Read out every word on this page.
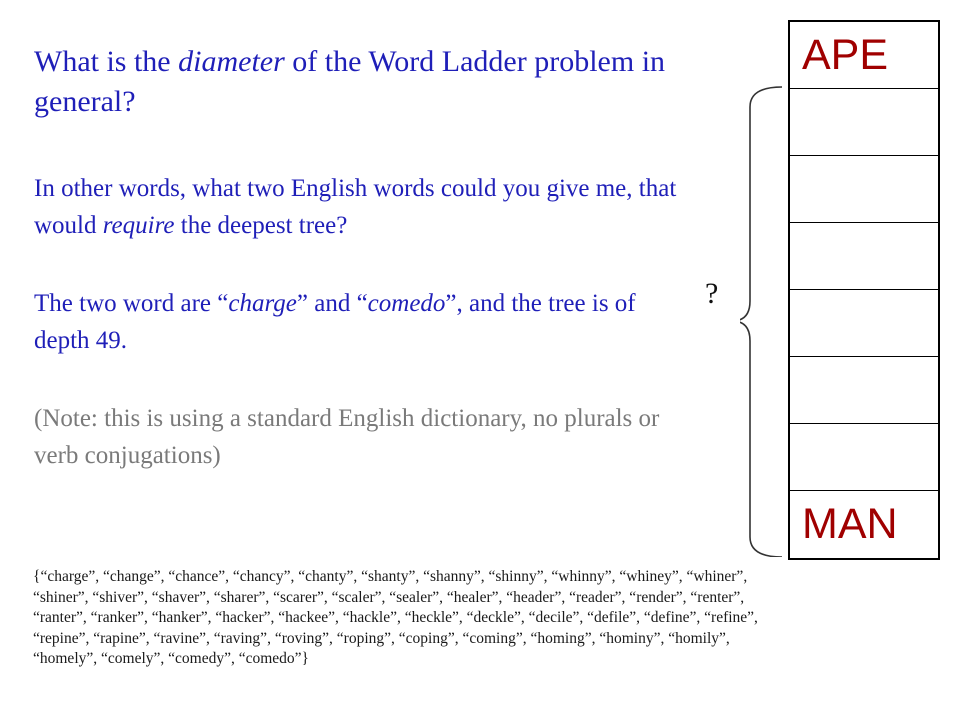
What is the diameter of the Word Ladder problem in general?

In other words, what two English words could you give me, that would require the deepest tree?

The two word are “charge” and “comedo”, and the tree is of depth 49.

(Note: this is using a standard English dictionary, no plurals or verb conjugations)

{“charge”, “change”, “chance”, “chancy”, “chanty”, “shanty”, “shanny”, “shinny”, “whinny”, “whiney”, “whiner”, “shiner”, “shiver”, “shaver”, “sharer”, “scarer”, “scaler”, “sealer”, “healer”, “header”, “reader”, “render”, “renter”, “ranter”, “ranker”, “hanker”, “hacker”, “hackee”, “hackle”, “heckle”, “deckle”, “decile”, “defile”, “define”, “refine”, “repine”, “rapine”, “ravine”, “raving”, “roving”, “roping”, “coping”, “coming”, “homing”, “hominy”, “homily”, “homely”, “comely”, “comedy”, “comedo”}

?
APE
MAN
